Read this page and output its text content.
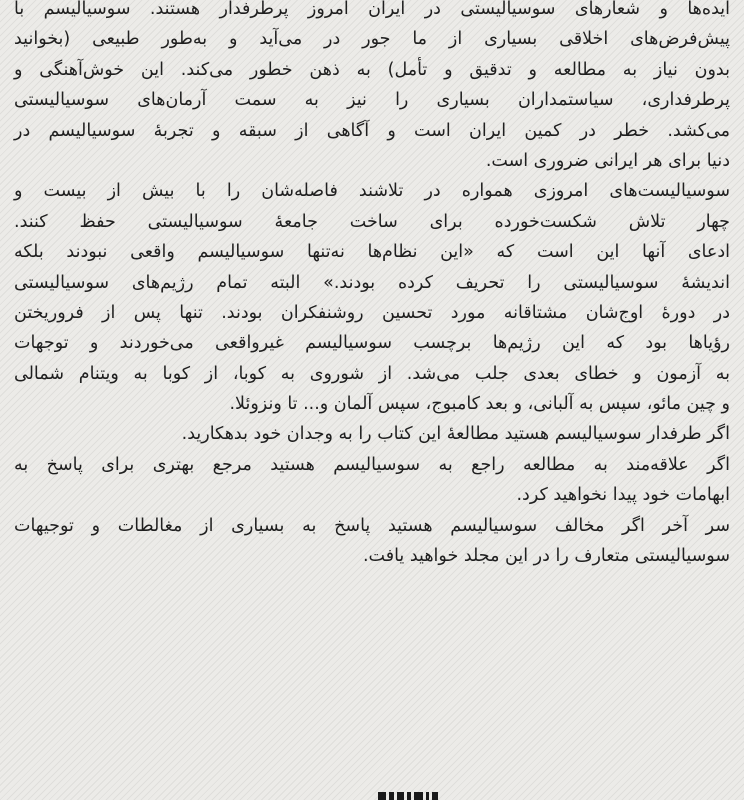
ایده‌ها و شعارهای سوسیالیستی در ایران امروز پرطرفدار هستند. سوسیالیسم با
پیش‌فرض‌های اخلاقی بسیاری از ما جور در می‌آید و به‌طور طبیعی (بخوانید
بدون نیاز به مطالعه و تدقیق و تأمل) به ذهن خطور می‌کند. این خوش‌آهنگی و
پرطرفداری، سیاستمداران بسیاری را نیز به سمت آرمان‌های سوسیالیستی
می‌کشد. خطر در کمین ایران است و آگاهی از سبقه و تجربهٔ سوسیالیسم در
دنیا برای هر ایرانی ضروری است.

سوسیالیست‌های امروزی همواره در تلاشند فاصله‌شان را با بیش از بیست و
چهار تلاش شکست‌خورده برای ساخت جامعهٔ سوسیالیستی حفظ کنند.
ادعای آنها این است که «این نظام‌ها نه‌تنها سوسیالیسم واقعی نبودند بلکه
اندیشهٔ سوسیالیستی را تحریف کرده بودند.» البته تمام رژیم‌های سوسیالیستی
در دورهٔ اوج‌شان مشتاقانه مورد تحسین روشنفکران بودند. تنها پس از فروریختن
رؤیاها بود که این رژیم‌ها برچسب سوسیالیسم غیرواقعی می‌خوردند و توجهات
به آزمون و خطای بعدی جلب می‌شد. از شوروی به کوبا، از کوبا به ویتنام شمالی
و چین مائو، سپس به آلبانی، و بعد کامبوج، سپس آلمان و... تا ونزوئلا.

اگر طرفدار سوسیالیسم هستید مطالعهٔ این کتاب را به وجدان خود بدهکارید.

اگر علاقه‌مند به مطالعه راجع به سوسیالیسم هستید مرجع بهتری برای پاسخ به
ابهامات خود پیدا نخواهید کرد.

سر آخر اگر مخالف سوسیالیسم هستید پاسخ به بسیاری از مغالطات و توجیهات
سوسیالیستی متعارف را در این مجلد خواهید یافت.
